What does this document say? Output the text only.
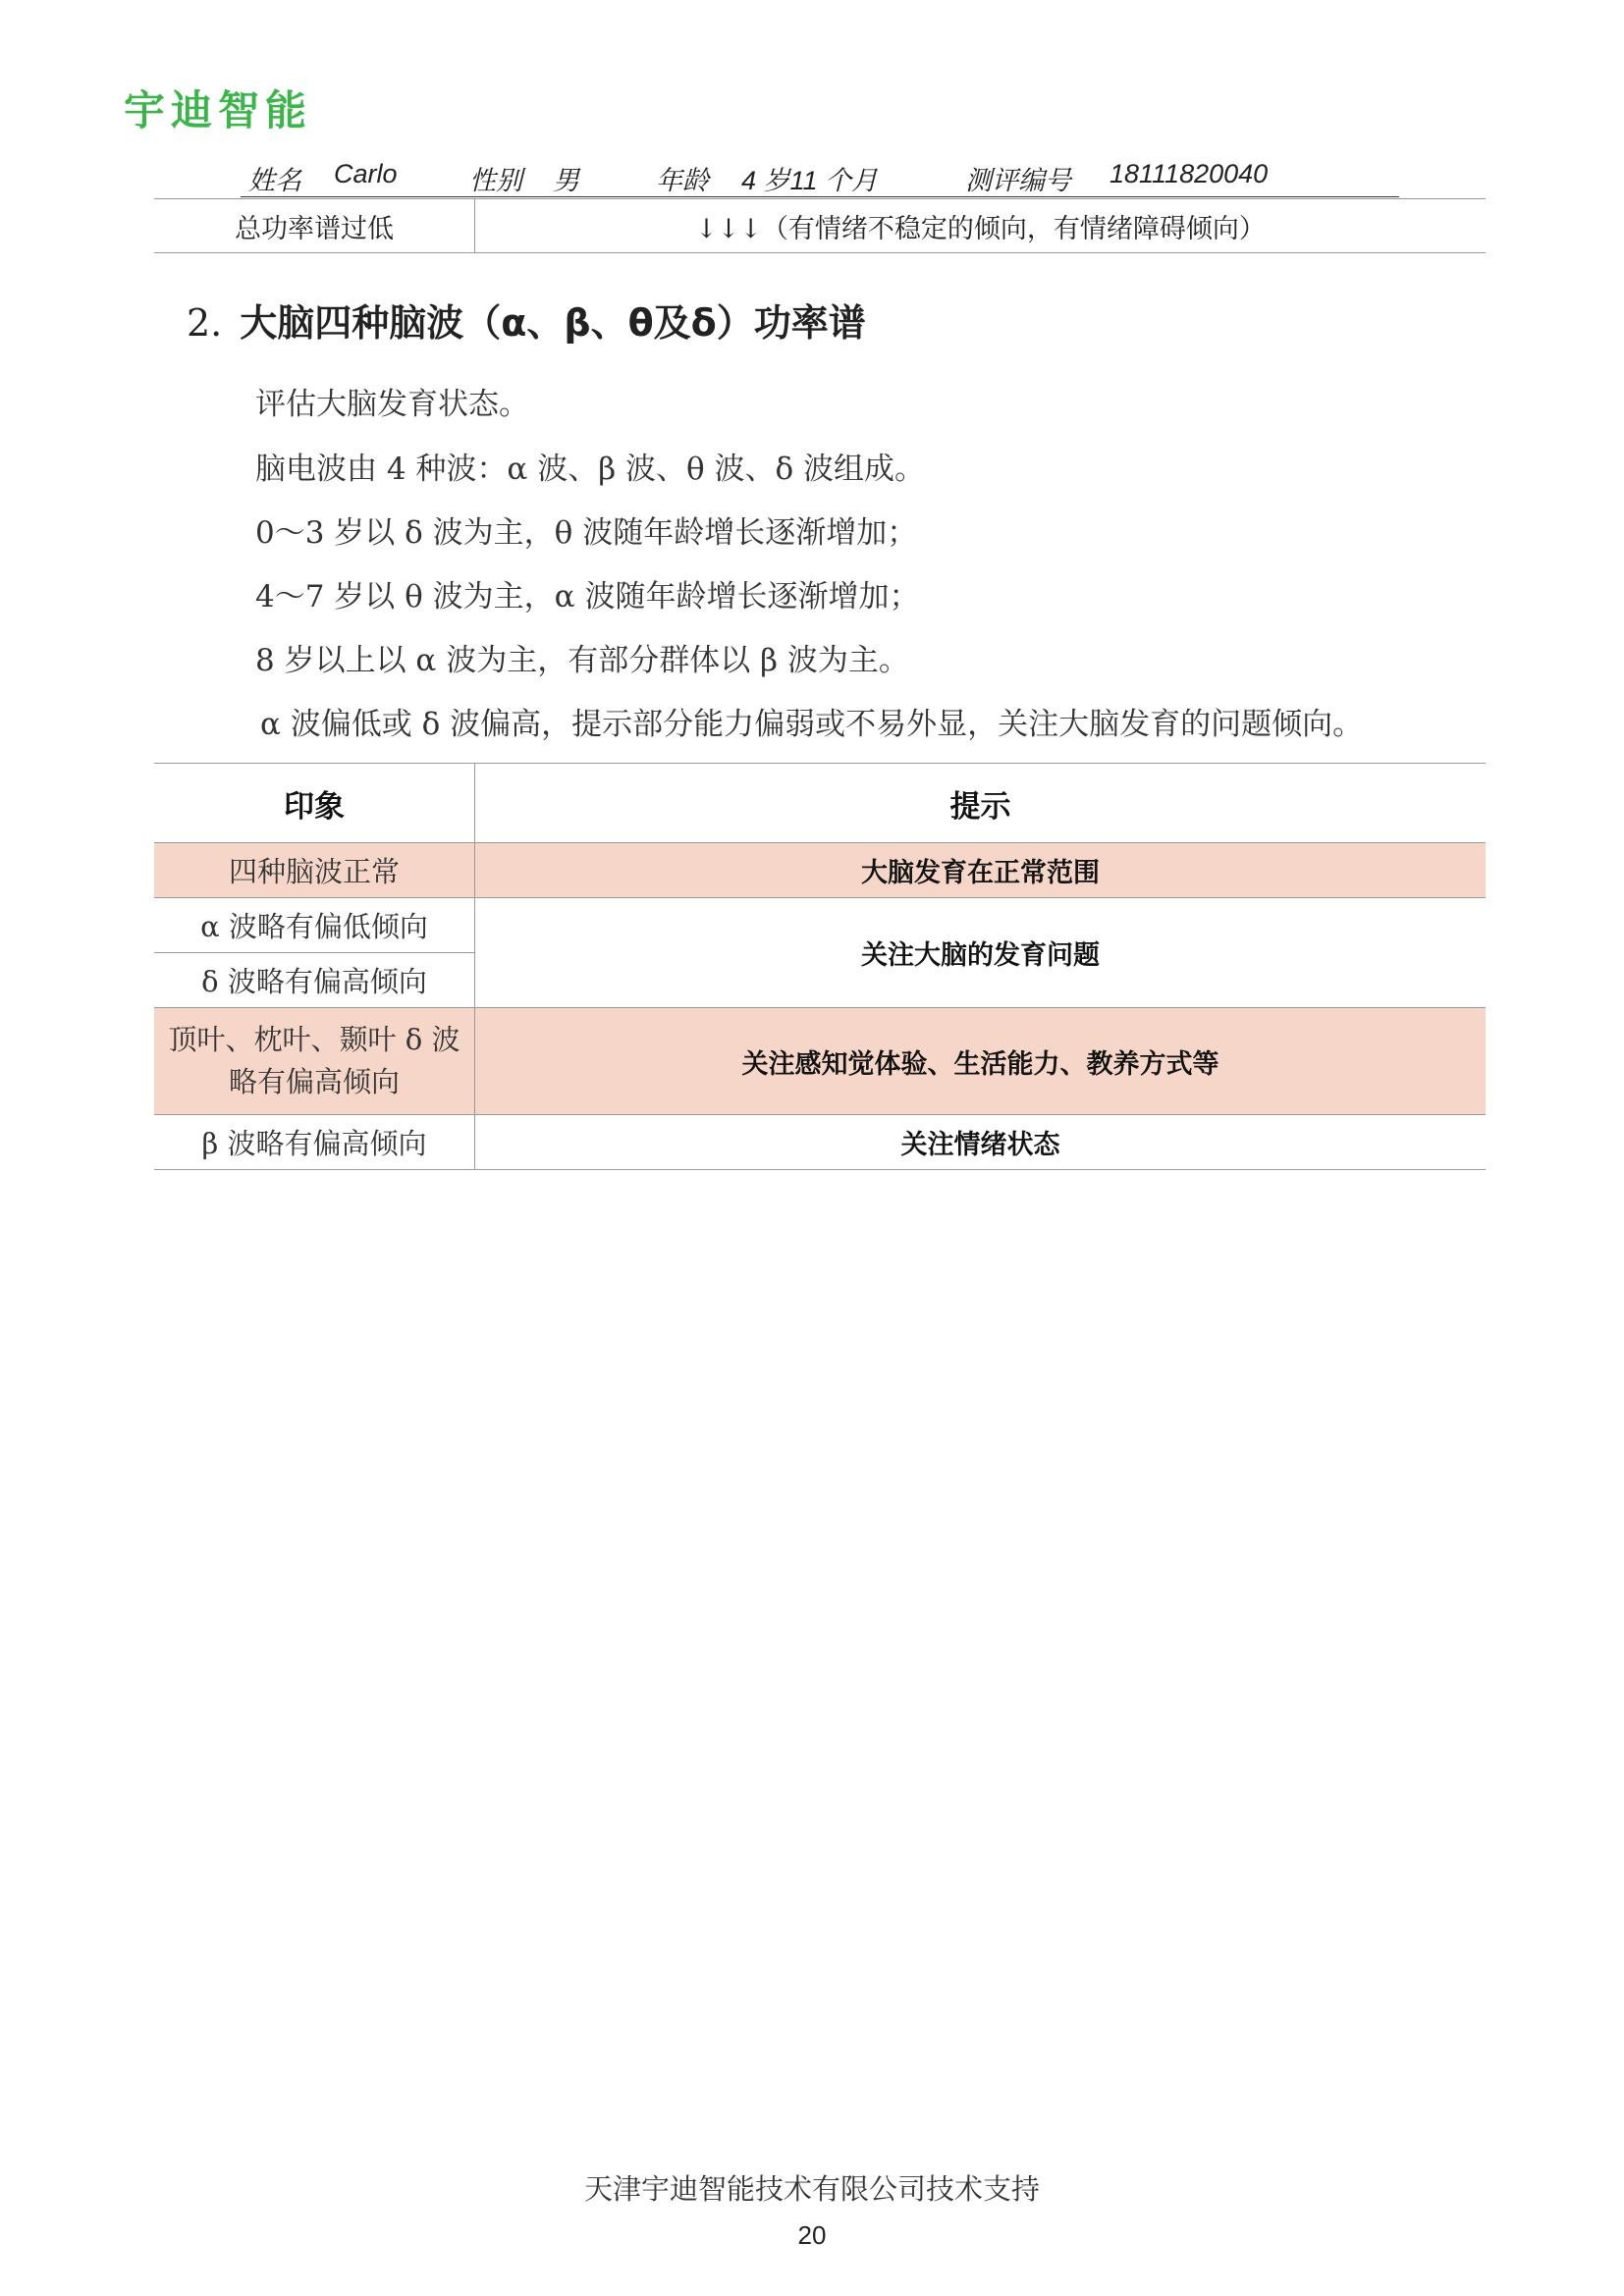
宇迪智能
姓名 Carlo	性别 男	年龄 4 岁11 个月	测评编号 18111820040
总功率谱过低	↓↓↓（有情绪不稳定的倾向，有情绪障碍倾向）
2. 大脑四种脑波（α、β、θ及δ）功率谱
评估大脑发育状态。
脑电波由 4 种波：α 波、β 波、θ 波、δ 波组成。
0～3 岁以 δ 波为主，θ 波随年龄增长逐渐增加；
4～7 岁以 θ 波为主，α 波随年龄增长逐渐增加；
8 岁以上以 α 波为主，有部分群体以 β 波为主。
α 波偏低或 δ 波偏高，提示部分能力偏弱或不易外显，关注大脑发育的问题倾向。
印象	提示
四种脑波正常	大脑发育在正常范围
α 波略有偏低倾向	关注大脑的发育问题
δ 波略有偏高倾向	

顶叶、枕叶、颞叶 δ 波
略有偏高倾向	关注感知觉体验、生活能力、教养方式等
β 波略有偏高倾向	关注情绪状态
天津宇迪智能技术有限公司技术支持
20
